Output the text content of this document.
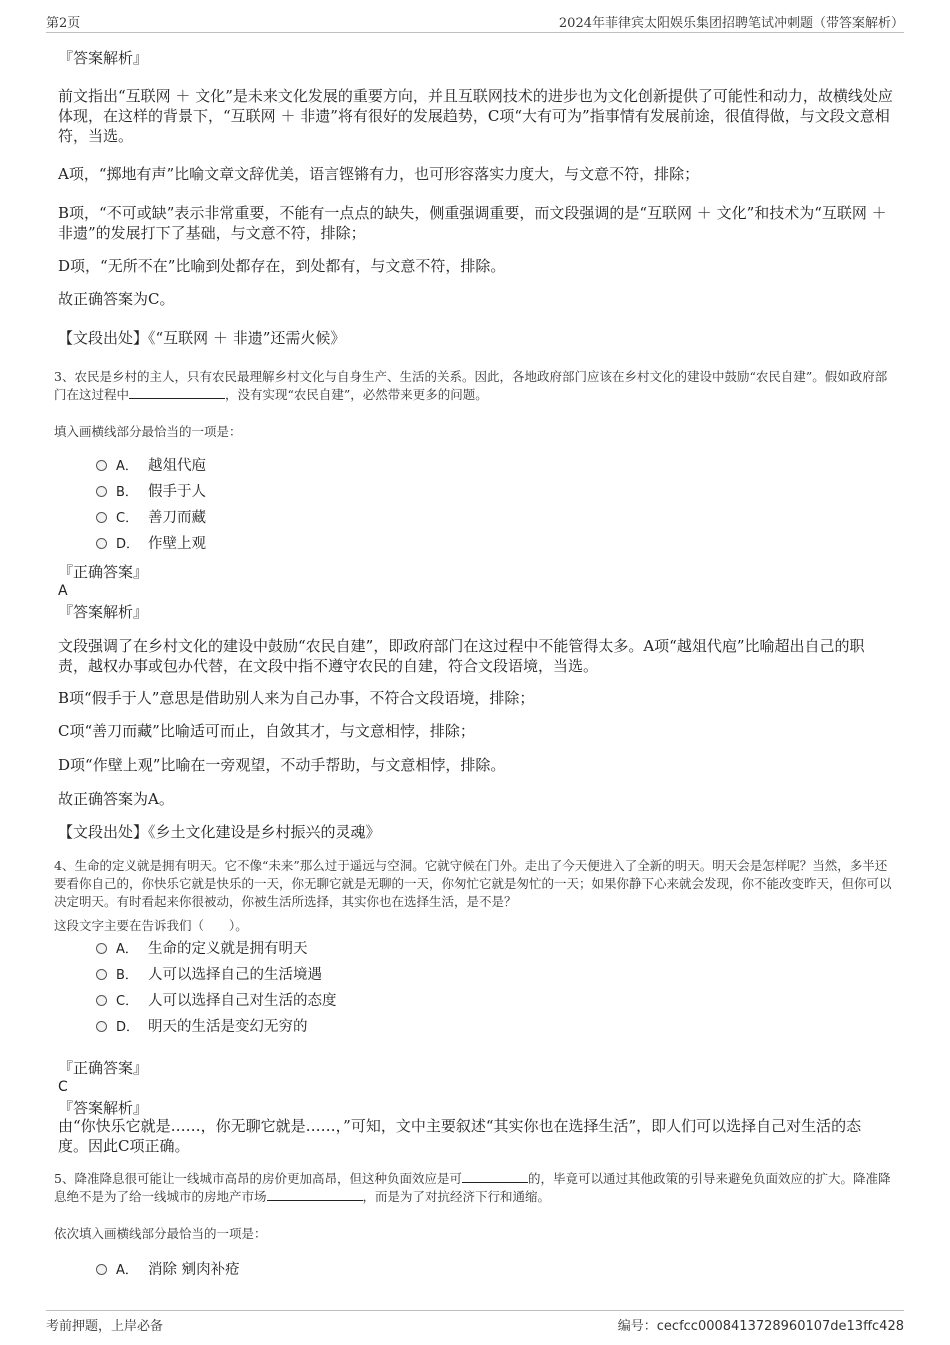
第2页	2024年菲律宾太阳娱乐集团招聘笔试冲刺题（带答案解析）
『答案解析』
前文指出“互联网 ＋ 文化”是未来文化发展的重要方向，并且互联网技术的进步也为文化创新提供了可能性和动力，故横线处应体现，在这样的背景下，“互联网 ＋ 非遗”将有很好的发展趋势，C项“大有可为”指事情有发展前途，很值得做，与文段文意相符，当选。
A项，“掷地有声”比喻文章文辞优美，语言铿锵有力，也可形容落实力度大，与文意不符，排除；
B项，“不可或缺”表示非常重要，不能有一点点的缺失，侧重强调重要，而文段强调的是“互联网 ＋ 文化”和技术为“互联网 ＋ 非遗”的发展打下了基础，与文意不符，排除；
D项，“无所不在”比喻到处都存在，到处都有，与文意不符，排除。
故正确答案为C。
【文段出处】《“互联网 ＋ 非遗”还需火候》
3、农民是乡村的主人，只有农民最理解乡村文化与自身生产、生活的关系。因此，各地政府部门应该在乡村文化的建设中鼓励“农民自建”。假如政府部门在这过程中	，没有实现“农民自建”，必然带来更多的问题。
填入画横线部分最恰当的一项是：
A． 越俎代庖
B． 假手于人
C． 善刀而藏
D． 作壁上观
『正确答案』
A
『答案解析』
文段强调了在乡村文化的建设中鼓励“农民自建”，即政府部门在这过程中不能管得太多。A项“越俎代庖”比喻超出自己的职责，越权办事或包办代替，在文段中指不遵守农民的自建，符合文段语境，当选。
B项“假手于人”意思是借助别人来为自己办事，不符合文段语境，排除；
C项“善刀而藏”比喻适可而止，自敛其才，与文意相悖，排除；
D项“作壁上观”比喻在一旁观望，不动手帮助，与文意相悖，排除。
故正确答案为A。
【文段出处】《乡土文化建设是乡村振兴的灵魂》
4、生命的定义就是拥有明天。它不像“未来”那么过于遥远与空洞。它就守候在门外。走出了今天便进入了全新的明天。明天会是怎样呢？当然，多半还要看你自己的，你快乐它就是快乐的一天，你无聊它就是无聊的一天，你匆忙它就是匆忙的一天；如果你静下心来就会发现，你不能改变昨天，但你可以决定明天。有时看起来你很被动，你被生活所选择，其实你也在选择生活，是不是？
这段文字主要在告诉我们（　　）。
A． 生命的定义就是拥有明天
B． 人可以选择自己的生活境遇
C． 人可以选择自己对生活的态度
D． 明天的生活是变幻无穷的
『正确答案』
C
『答案解析』
由“你快乐它就是……，你无聊它就是……，”可知，文中主要叙述“其实你也在选择生活”，即人们可以选择自己对生活的态度。因此C项正确。
5、降准降息很可能让一线城市高昂的房价更加高昂，但这种负面效应是可	的，毕竟可以通过其他政策的引导来避免负面效应的扩大。降准降息绝不是为了给一线城市的房地产市场	，而是为了对抗经济下行和通缩。
依次填入画横线部分最恰当的一项是：
A． 消除 剜肉补疮
考前押题，上岸必备	编号：cecfcc0008413728960107de13ffc428
